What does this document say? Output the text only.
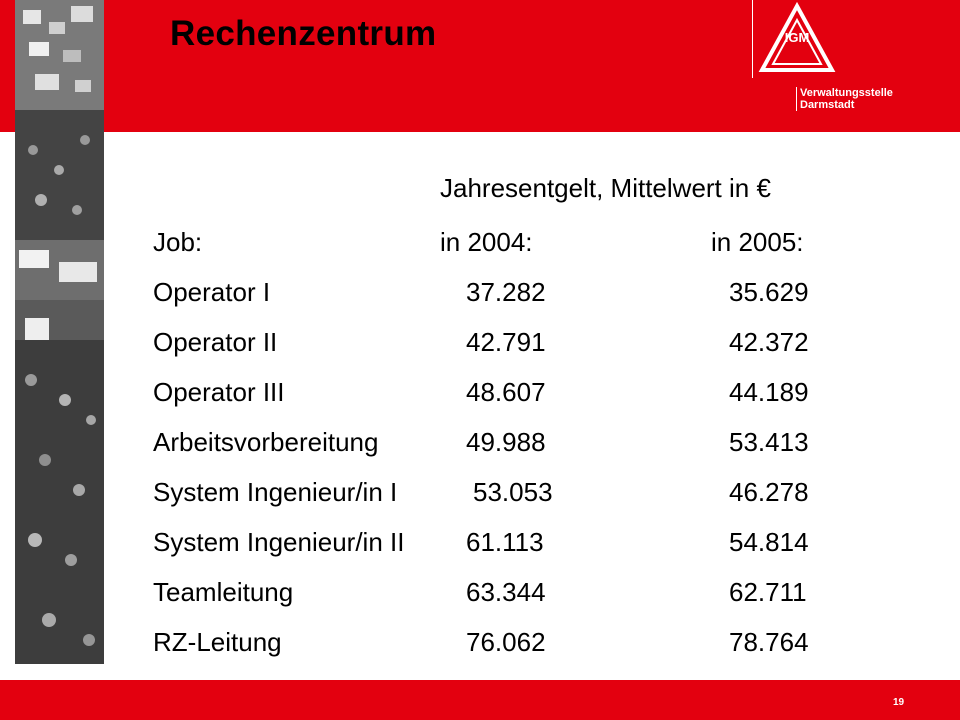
Rechenzentrum	IGM
Verwaltungsstelle
Darmstadt
Jahresentgelt, Mittelwert in €
Job:	in 2004:	in 2005:
Operator I	37.282	35.629
Operator II	42.791	42.372
Operator III	48.607	44.189
Arbeitsvorbereitung	49.988	53.413
System Ingenieur/in I	53.053	46.278
System Ingenieur/in II 61.113	54.814
Teamleitung	63.344	62.711
RZ-Leitung	76.062	78.764
19
